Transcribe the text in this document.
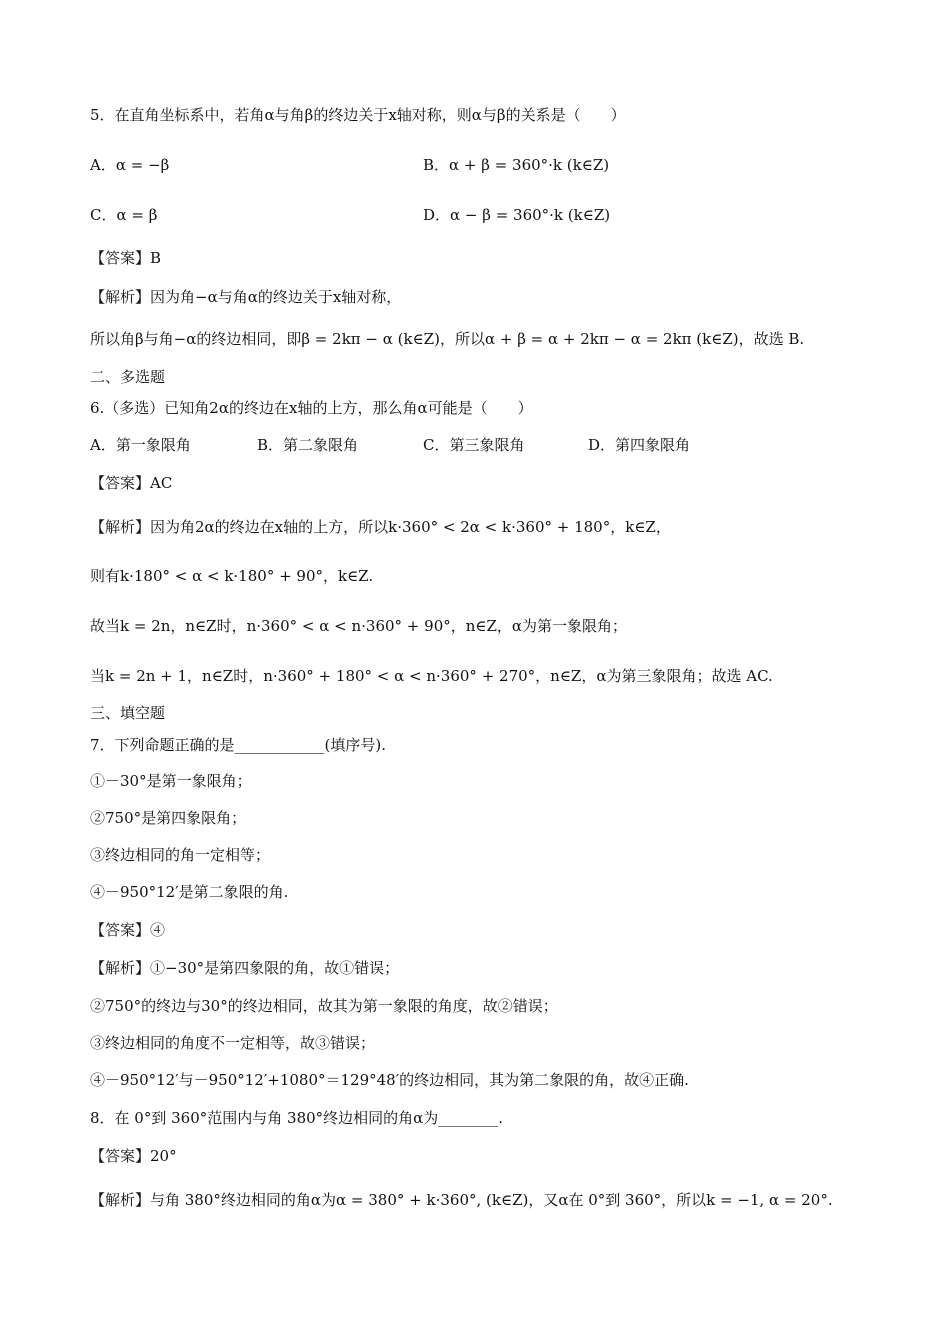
5．在直角坐标系中，若角α与角β的终边关于x轴对称，则α与β的关系是（　　）
A．α = −β	B．α + β = 360°·k (k∈Z)
C．α = β	D．α − β = 360°·k (k∈Z)
【答案】B
【解析】因为角−α与角α的终边关于x轴对称，
所以角β与角−α的终边相同，即β = 2kπ − α (k∈Z)，所以α + β = α + 2kπ − α = 2kπ (k∈Z)，故选 B.
二、多选题
6.（多选）已知角2α的终边在x轴的上方，那么角α可能是（　　）
A．第一象限角	B．第二象限角	C．第三象限角	D．第四象限角
【答案】AC
【解析】因为角2α的终边在x轴的上方，所以k·360° < 2α < k·360° + 180°，k∈Z，
则有k·180° < α < k·180° + 90°，k∈Z.
故当k = 2n，n∈Z时，n·360° < α < n·360° + 90°，n∈Z，α为第一象限角；
当k = 2n + 1，n∈Z时，n·360° + 180° < α < n·360° + 270°，n∈Z，α为第三象限角；故选 AC.
三、填空题
7．下列命题正确的是____________(填序号).
①－30°是第一象限角；
②750°是第四象限角；
③终边相同的角一定相等；
④－950°12′是第二象限的角.
【答案】④
【解析】①−30°是第四象限的角，故①错误；
②750°的终边与30°的终边相同，故其为第一象限的角度，故②错误；
③终边相同的角度不一定相等，故③错误；
④－950°12′与－950°12′+1080°＝129°48′的终边相同，其为第二象限的角，故④正确.
8．在 0°到 360°范围内与角 380°终边相同的角α为________.
【答案】20°
【解析】与角 380°终边相同的角α为α = 380° + k·360°, (k∈Z)，又α在 0°到 360°，所以k = −1, α = 20°.
